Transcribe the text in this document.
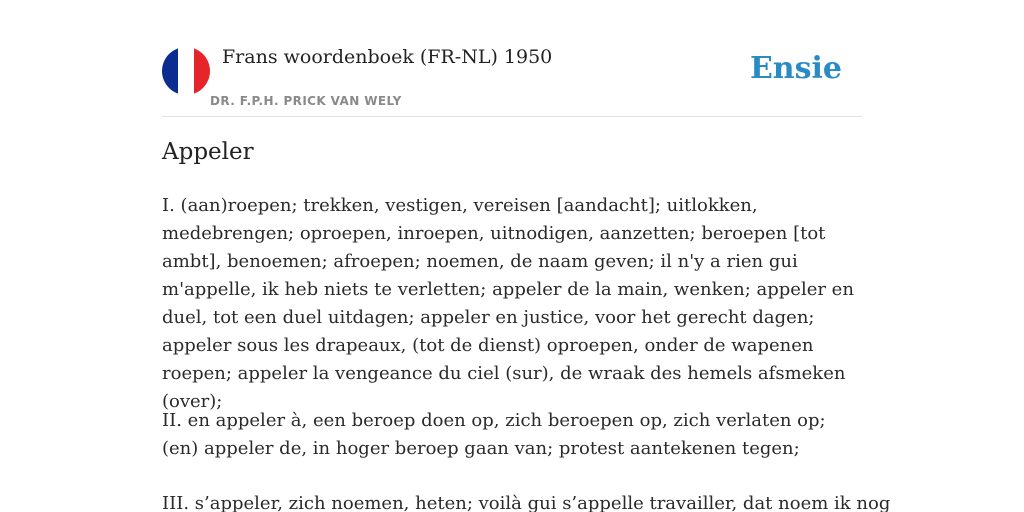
Frans woordenboek (FR-NL) 1950
DR. F.P.H. PRICK VAN WELY
Ensie
Appeler

I. (aan)roepen; trekken, vestigen, vereisen [aandacht]; uitlokken, medebrengen; oproepen, inroepen, uitnodigen, aanzetten; beroepen [tot ambt], benoemen; afroepen; noemen, de naam geven; il n'y a rien gui m'appelle, ik heb niets te verletten; appeler de la main, wenken; appeler en duel, tot een duel uitdagen; appeler en justice, voor het gerecht dagen; appeler sous les drapeaux, (tot de dienst) oproepen, onder de wapenen roepen; appeler la vengeance du ciel (sur), de wraak des hemels afsmeken (over);

II. en appeler à, een beroep doen op, zich beroepen op, zich verlaten op; (en) appeler de, in hoger beroep gaan van; protest aantekenen tegen;

III. s’appeler, zich noemen, heten; voilà gui s’appelle travailler, dat noem ik nog
